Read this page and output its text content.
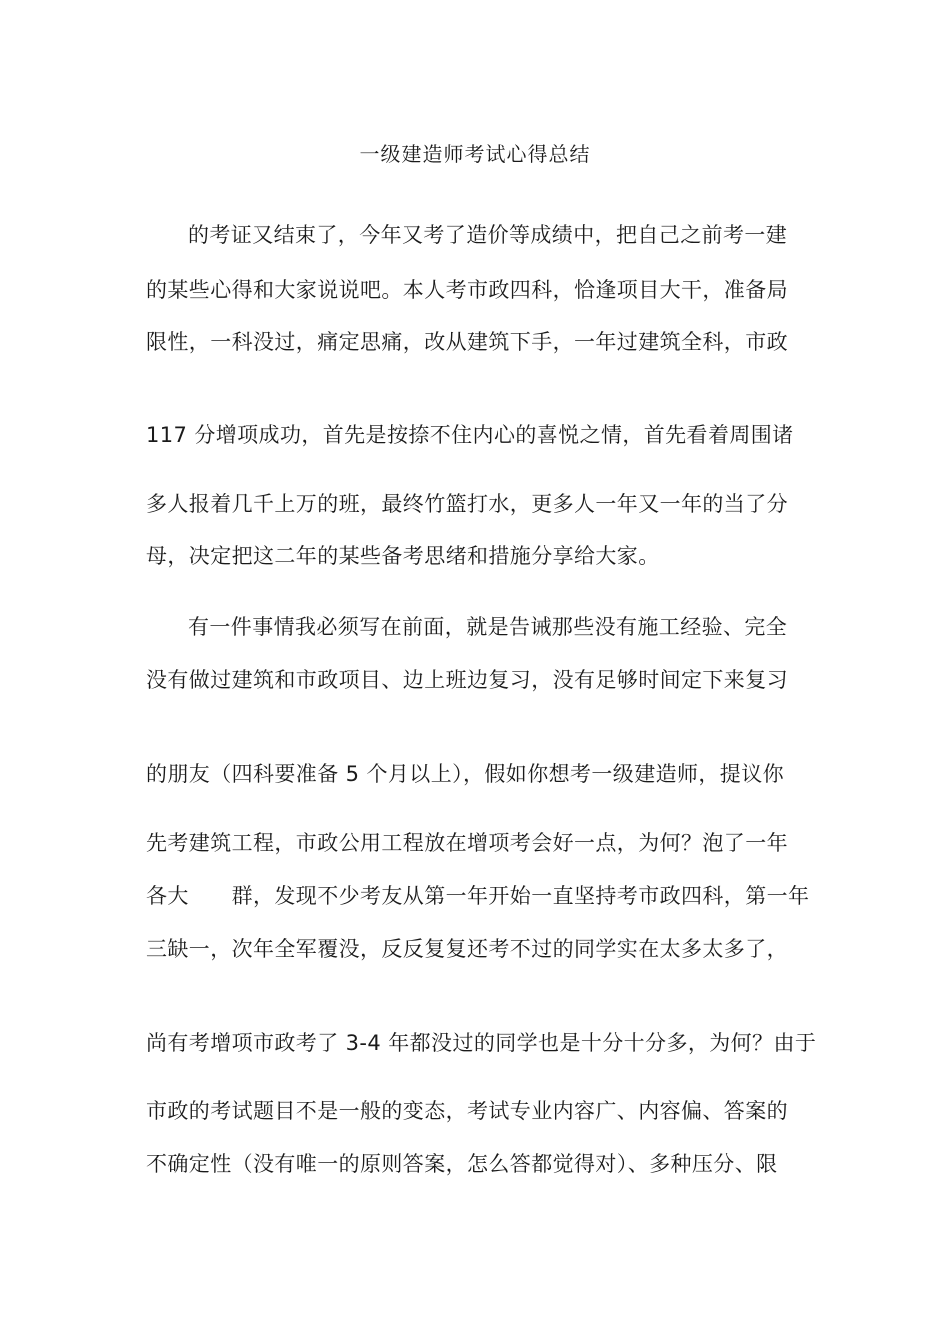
一级建造师考试心得总结
的考证又结束了，今年又考了造价等成绩中，把自己之前考一建
的某些心得和大家说说吧。本人考市政四科，恰逢项目大干，准备局
限性，一科没过，痛定思痛，改从建筑下手，一年过建筑全科，市政
117 分增项成功，首先是按捺不住内心的喜悦之情，首先看着周围诸
多人报着几千上万的班，最终竹篮打水，更多人一年又一年的当了分
母，决定把这二年的某些备考思绪和措施分享给大家。
有一件事情我必须写在前面，就是告诫那些没有施工经验、完全
没有做过建筑和市政项目、边上班边复习，没有足够时间定下来复习
的朋友（四科要准备 5 个月以上），假如你想考一级建造师，提议你
先考建筑工程，市政公用工程放在增项考会好一点，为何？泡了一年
各大　　群，发现不少考友从第一年开始一直坚持考市政四科，第一年
三缺一，次年全军覆没，反反复复还考不过的同学实在太多太多了，
尚有考增项市政考了 3-4 年都没过的同学也是十分十分多，为何？由于
市政的考试题目不是一般的变态，考试专业内容广、内容偏、答案的
不确定性（没有唯一的原则答案，怎么答都觉得对）、多种压分、限
